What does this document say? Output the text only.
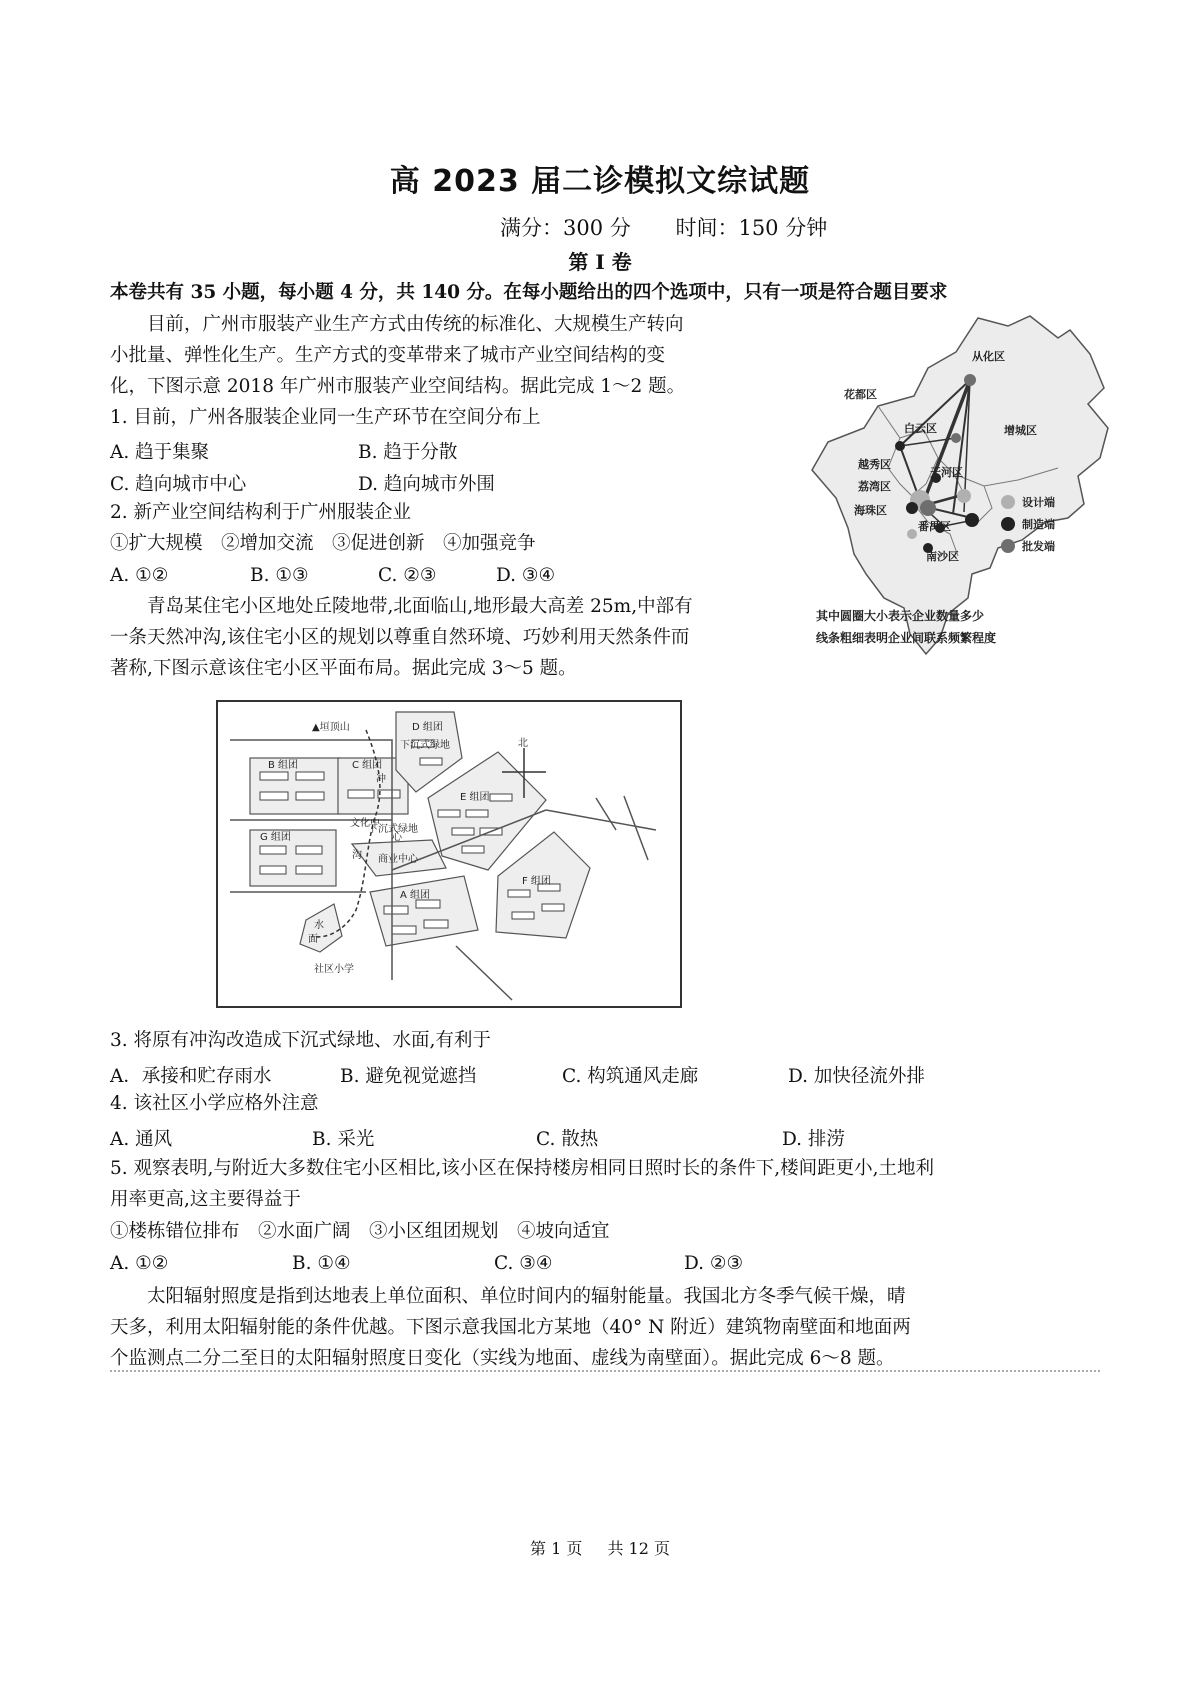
高 2023 届二诊模拟文综试题
满分：300 分 时间：150 分钟
第 I 卷
本卷共有 35 小题，每小题 4 分，共 140 分。在每小题给出的四个选项中，只有一项是符合题目要求
目前，广州市服装产业生产方式由传统的标准化、大规模生产转向
小批量、弹性化生产。生产方式的变革带来了城市产业空间结构的变
化，下图示意 2018 年广州市服装产业空间结构。据此完成 1～2 题。
1. 目前，广州各服装企业同一生产环节在空间分布上
A. 趋于集聚	B. 趋于分散
C. 趋向城市中心	D. 趋向城市外围
2. 新产业空间结构利于广州服装企业
①扩大规模　②增加交流　③促进创新　④加强竞争
A. ①②	B. ①③	C. ②③	D. ③④
青岛某住宅小区地处丘陵地带,北面临山,地形最大高差 25m,中部有
一条天然冲沟,该住宅小区的规划以尊重自然环境、巧妙利用天然条件而
著称,下图示意该住宅小区平面布局。据此完成 3～5 题。
从化区
花都区
白云区	增城区
越秀区
天河区
荔湾区
海珠区
番禺区
南沙区
设计端
制造端
批发端
其中圆圈大小表示企业数量多少
线条粗细表明企业间联系频繁程度
▲垣顶山
北
B 组团	C 组团
D 组团
E 组团
G 组团
A 组团
F 组团
冲
沟
下沉式绿地
文化中
心
下沉式绿地
商业中心
水
面
社区小学
3. 将原有冲沟改造成下沉式绿地、水面,有利于
A．承接和贮存雨水	B. 避免视觉遮挡	C. 构筑通风走廊	D. 加快径流外排
4. 该社区小学应格外注意
A. 通风	B. 采光	C. 散热	D. 排涝
5. 观察表明,与附近大多数住宅小区相比,该小区在保持楼房相同日照时长的条件下,楼间距更小,土地利
用率更高,这主要得益于
①楼栋错位排布　②水面广阔　③小区组团规划　④坡向适宜
A. ①②	B. ①④	C. ③④	D. ②③
太阳辐射照度是指到达地表上单位面积、单位时间内的辐射能量。我国北方冬季气候干燥，晴
天多，利用太阳辐射能的条件优越。下图示意我国北方某地（40° N 附近）建筑物南壁面和地面两
个监测点二分二至日的太阳辐射照度日变化（实线为地面、虚线为南壁面）。据此完成 6～8 题。
第 1 页 共 12 页
